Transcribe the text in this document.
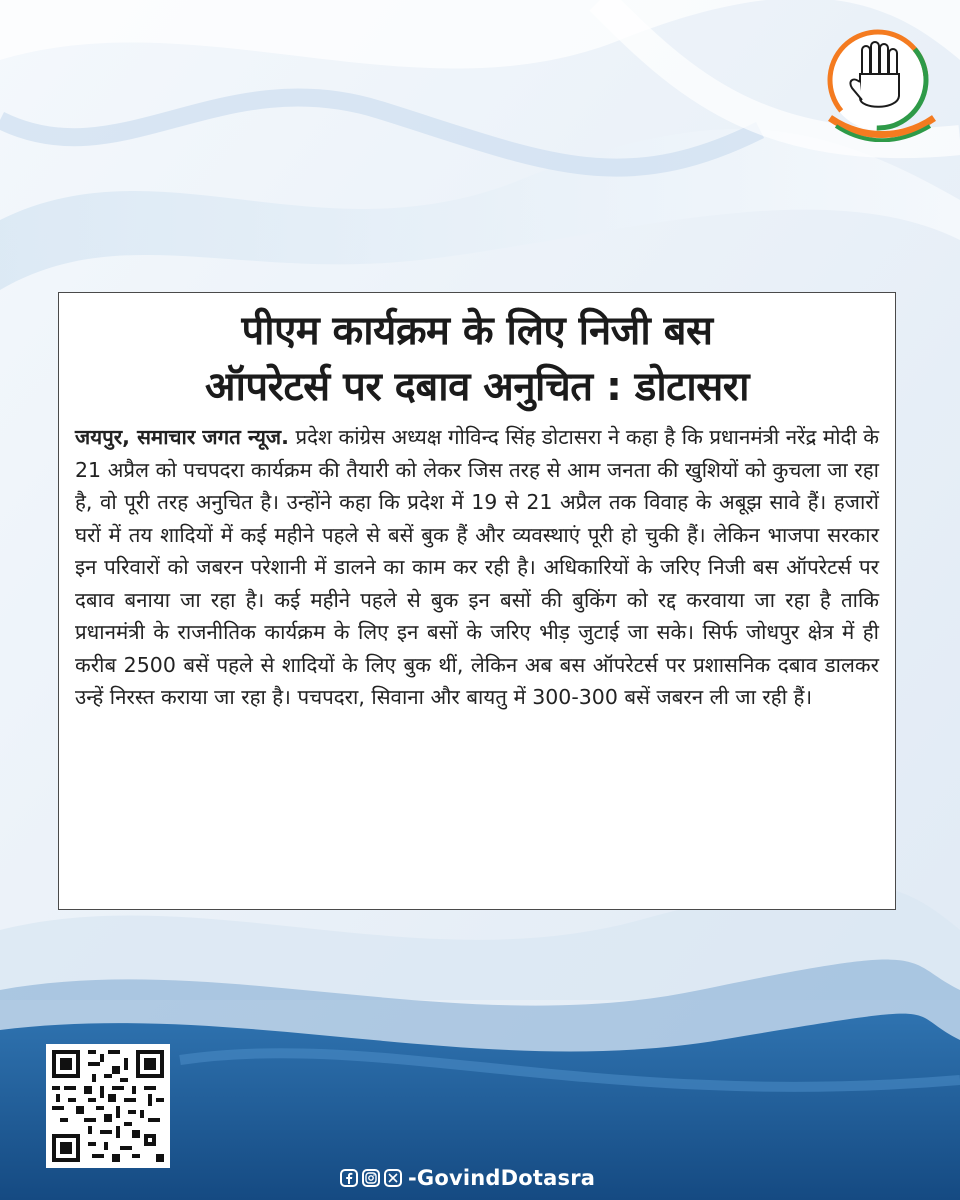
पीएम कार्यक्रम के लिए निजी बस
ऑपरेटर्स पर दबाव अनुचित : डोटासरा
जयपुर, समाचार जगत न्यूज. प्रदेश कांग्रेस अध्यक्ष गोविन्द सिंह डोटासरा ने कहा है कि प्रधानमंत्री नरेंद्र मोदी के 21 अप्रैल को पचपदरा कार्यक्रम की तैयारी को लेकर जिस तरह से आम जनता की खुशियों को कुचला जा रहा है, वो पूरी तरह अनुचित है। उन्होंने कहा कि प्रदेश में 19 से 21 अप्रैल तक विवाह के अबूझ सावे हैं। हजारों घरों में तय शादियों में कई महीने पहले से बसें बुक हैं और व्यवस्थाएं पूरी हो चुकी हैं। लेकिन भाजपा सरकार इन परिवारों को जबरन परेशानी में डालने का काम कर रही है। अधिकारियों के जरिए निजी बस ऑपरेटर्स पर दबाव बनाया जा रहा है। कई महीने पहले से बुक इन बसों की बुकिंग को रद्द करवाया जा रहा है ताकि प्रधानमंत्री के राजनीतिक कार्यक्रम के लिए इन बसों के जरिए भीड़ जुटाई जा सके। सिर्फ जोधपुर क्षेत्र में ही करीब 2500 बसें पहले से शादियों के लिए बुक थीं, लेकिन अब बस ऑपरेटर्स पर प्रशासनिक दबाव डालकर उन्हें निरस्त कराया जा रहा है। पचपदरा, सिवाना और बायतु में 300-300 बसें जबरन ली जा रही हैं।
-GovindDotasra
